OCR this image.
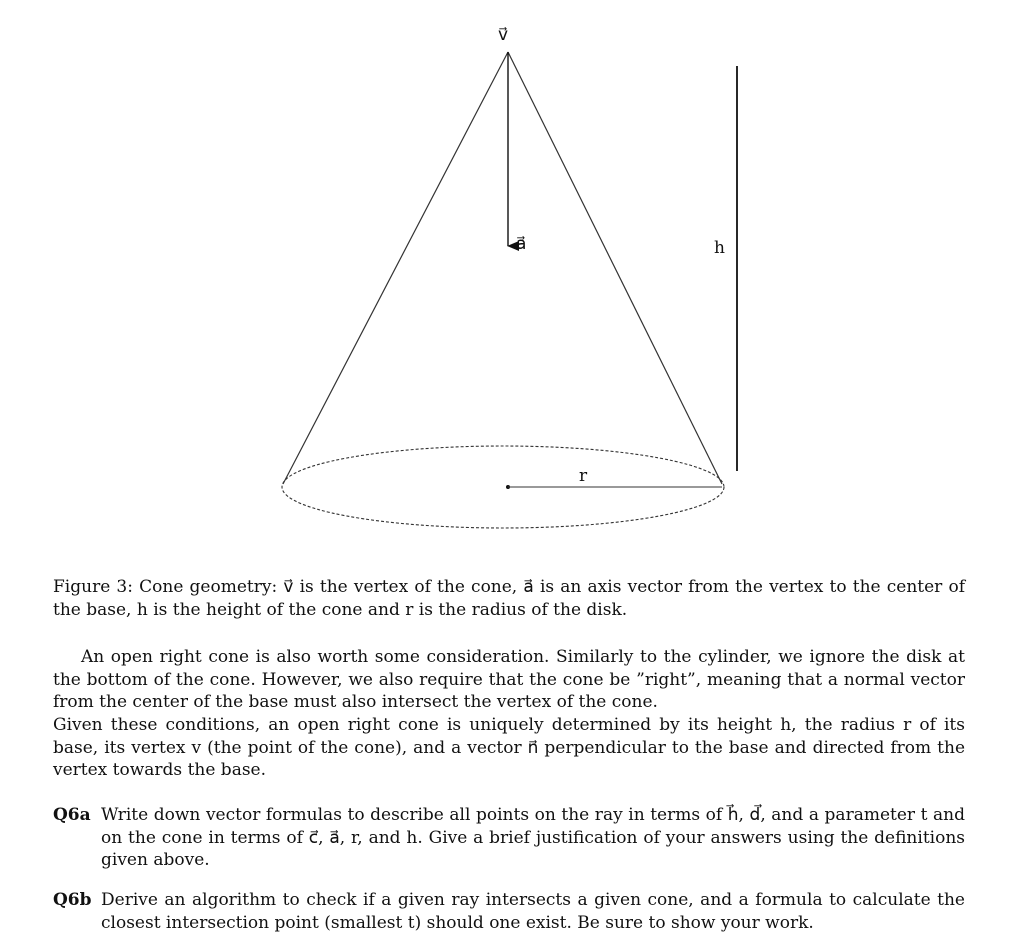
v⃗
a⃗	h
r
Figure 3: Cone geometry: v⃗ is the vertex of the cone, a⃗ is an axis vector from the vertex to the center of the base, h is the height of the cone and r is the radius of the disk.
An open right cone is also worth some consideration. Similarly to the cylinder, we ignore the disk at the bottom of the cone. However, we also require that the cone be ”right”, meaning that a normal vector from the center of the base must also intersect the vertex of the cone.
Given these conditions, an open right cone is uniquely determined by its height h, the radius r of its base, its vertex v (the point of the cone), and a vector n⃗ perpendicular to the base and directed from the vertex towards the base.
Q6a Write down vector formulas to describe all points on the ray in terms of h⃗, d⃗, and a parameter t and on the cone in terms of c⃗, a⃗, r, and h. Give a brief justification of your answers using the definitions given above.
Q6b Derive an algorithm to check if a given ray intersects a given cone, and a formula to calculate the closest intersection point (smallest t) should one exist. Be sure to show your work.
